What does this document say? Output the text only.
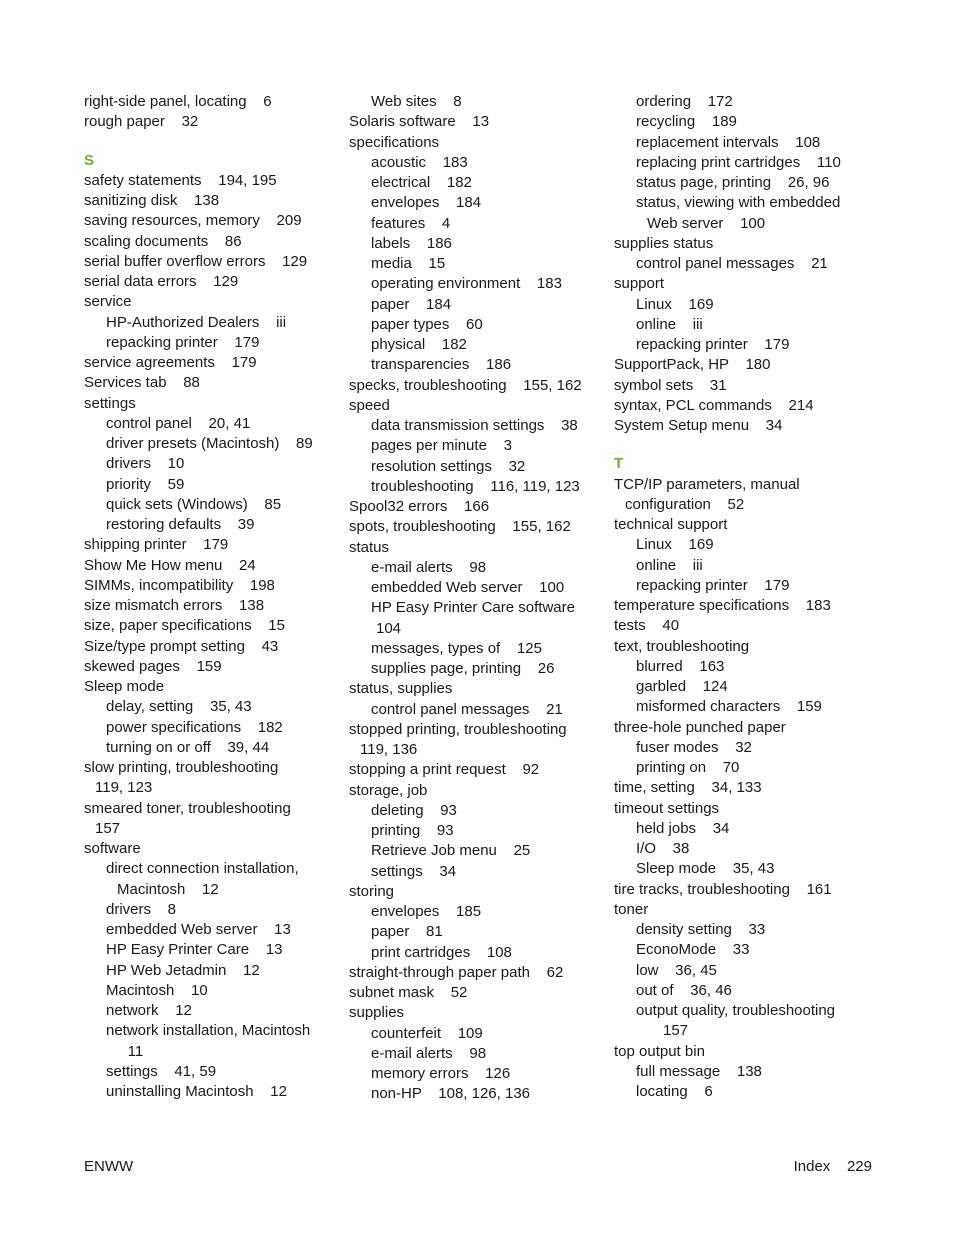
right-side panel, locating    6
rough paper    32
S
safety statements    194, 195
sanitizing disk    138
saving resources, memory    209
scaling documents    86
serial buffer overflow errors    129
serial data errors    129
service
HP-Authorized Dealers    iii
repacking printer    179
service agreements    179
Services tab    88
settings
control panel    20, 41
driver presets (Macintosh)    89
drivers    10
priority    59
quick sets (Windows)    85
restoring defaults    39
shipping printer    179
Show Me How menu    24
SIMMs, incompatibility    198
size mismatch errors    138
size, paper specifications    15
Size/type prompt setting    43
skewed pages    159
Sleep mode
delay, setting    35, 43
power specifications    182
turning on or off    39, 44
slow printing, troubleshooting
119, 123
smeared toner, troubleshooting
157
software
direct connection installation,
Macintosh    12
drivers    8
embedded Web server    13
HP Easy Printer Care    13
HP Web Jetadmin    12
Macintosh    10
network    12
network installation, Macintosh
11
settings    41, 59
uninstalling Macintosh    12
Web sites    8
Solaris software    13
specifications
acoustic    183
electrical    182
envelopes    184
features    4
labels    186
media    15
operating environment    183
paper    184
paper types    60
physical    182
transparencies    186
specks, troubleshooting    155, 162
speed
data transmission settings    38
pages per minute    3
resolution settings    32
troubleshooting    116, 119, 123
Spool32 errors    166
spots, troubleshooting    155, 162
status
e-mail alerts    98
embedded Web server    100
HP Easy Printer Care software
104
messages, types of    125
supplies page, printing    26
status, supplies
control panel messages    21
stopped printing, troubleshooting
119, 136
stopping a print request    92
storage, job
deleting    93
printing    93
Retrieve Job menu    25
settings    34
storing
envelopes    185
paper    81
print cartridges    108
straight-through paper path    62
subnet mask    52
supplies
counterfeit    109
e-mail alerts    98
memory errors    126
non-HP    108, 126, 136
ordering    172
recycling    189
replacement intervals    108
replacing print cartridges    110
status page, printing    26, 96
status, viewing with embedded
Web server    100
supplies status
control panel messages    21
support
Linux    169
online    iii
repacking printer    179
SupportPack, HP    180
symbol sets    31
syntax, PCL commands    214
System Setup menu    34
T
TCP/IP parameters, manual
configuration    52
technical support
Linux    169
online    iii
repacking printer    179
temperature specifications    183
tests    40
text, troubleshooting
blurred    163
garbled    124
misformed characters    159
three-hole punched paper
fuser modes    32
printing on    70
time, setting    34, 133
timeout settings
held jobs    34
I/O    38
Sleep mode    35, 43
tire tracks, troubleshooting    161
toner
density setting    33
EconoMode    33
low    36, 45
out of    36, 46
output quality, troubleshooting
157
top output bin
full message    138
locating    6
ENWW	Index    229
